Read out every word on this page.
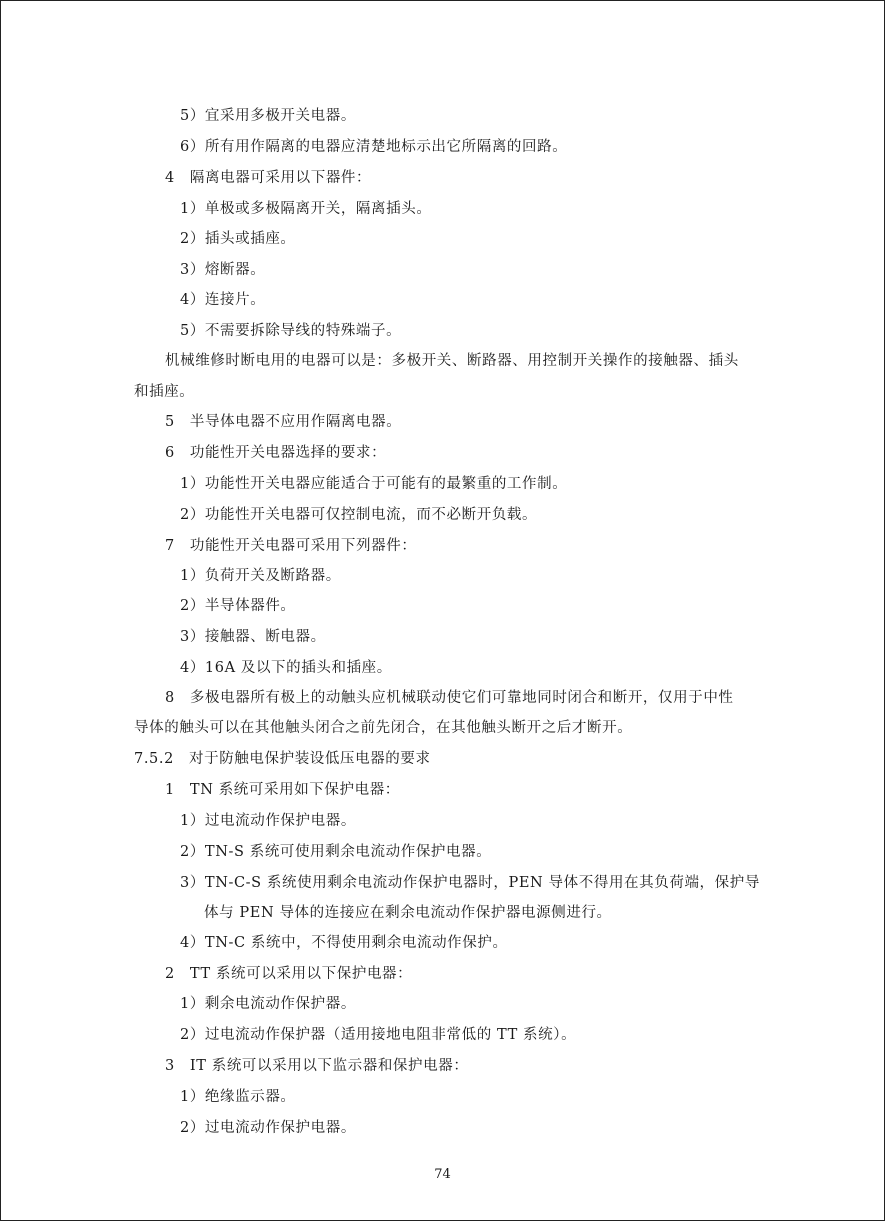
5）宜采用多极开关电器。
6）所有用作隔离的电器应清楚地标示出它所隔离的回路。
4　隔离电器可采用以下器件：
1）单极或多极隔离开关，隔离插头。
2）插头或插座。
3）熔断器。
4）连接片。
5）不需要拆除导线的特殊端子。
机械维修时断电用的电器可以是：多极开关、断路器、用控制开关操作的接触器、插头
和插座。
5　半导体电器不应用作隔离电器。
6　功能性开关电器选择的要求：
1）功能性开关电器应能适合于可能有的最繁重的工作制。
2）功能性开关电器可仅控制电流，而不必断开负载。
7　功能性开关电器可采用下列器件：
1）负荷开关及断路器。
2）半导体器件。
3）接触器、断电器。
4）16A 及以下的插头和插座。
8　多极电器所有极上的动触头应机械联动使它们可靠地同时闭合和断开，仅用于中性
导体的触头可以在其他触头闭合之前先闭合，在其他触头断开之后才断开。
7.5.2　对于防触电保护装设低压电器的要求
1　TN 系统可采用如下保护电器：
1）过电流动作保护电器。
2）TN-S 系统可使用剩余电流动作保护电器。
3）TN-C-S 系统使用剩余电流动作保护电器时，PEN 导体不得用在其负荷端，保护导
体与 PEN 导体的连接应在剩余电流动作保护器电源侧进行。
4）TN-C 系统中，不得使用剩余电流动作保护。
2　TT 系统可以采用以下保护电器：
1）剩余电流动作保护器。
2）过电流动作保护器（适用接地电阻非常低的 TT 系统）。
3　IT 系统可以采用以下监示器和保护电器：
1）绝缘监示器。
2）过电流动作保护电器。
74
